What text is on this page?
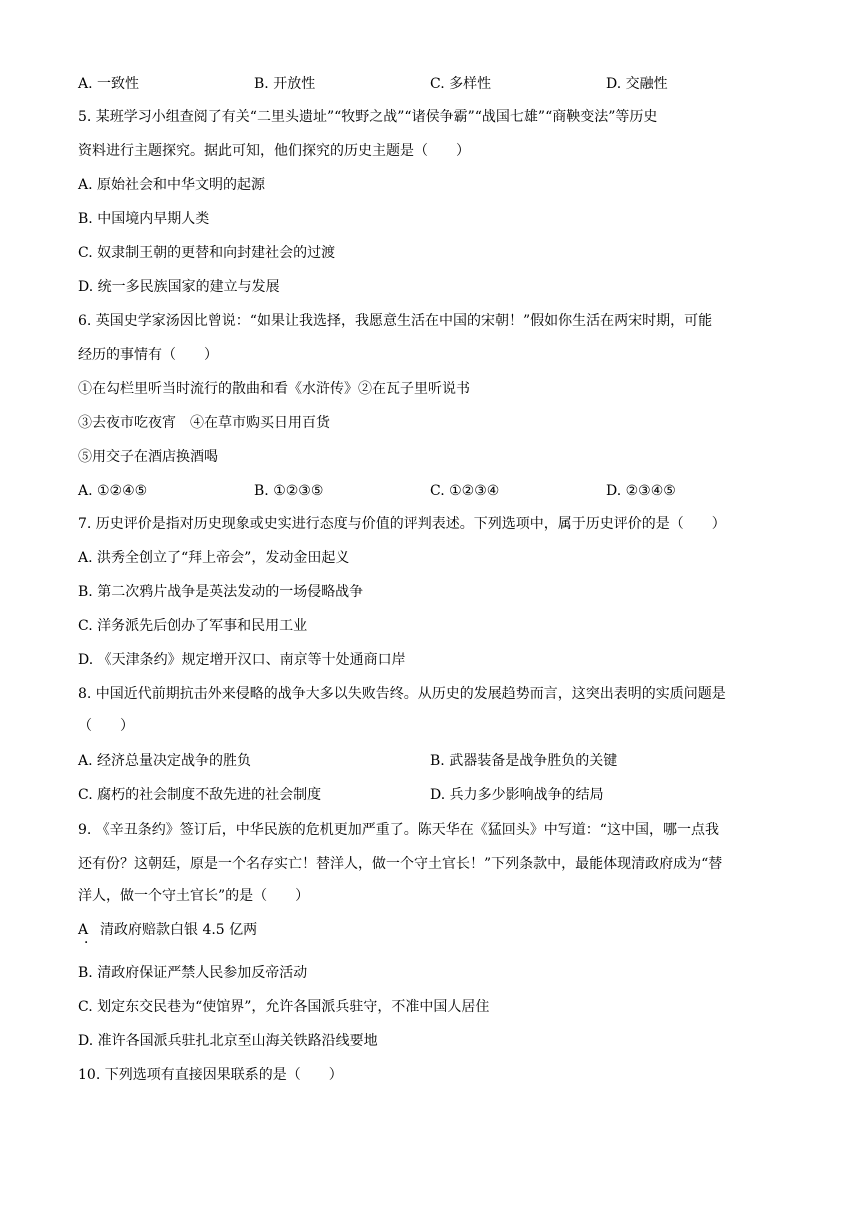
A. 一致性	B. 开放性	C. 多样性	D. 交融性
5. 某班学习小组查阅了有关“二里头遗址”“牧野之战”“诸侯争霸”“战国七雄”“商鞅变法”等历史
资料进行主题探究。据此可知，他们探究的历史主题是（　　）
A. 原始社会和中华文明的起源
B. 中国境内早期人类
C. 奴隶制王朝的更替和向封建社会的过渡
D. 统一多民族国家的建立与发展
6. 英国史学家汤因比曾说：“如果让我选择，我愿意生活在中国的宋朝！”假如你生活在两宋时期，可能
经历的事情有（　　）
①在勾栏里听当时流行的散曲和看《水浒传》②在瓦子里听说书
③去夜市吃夜宵　④在草市购买日用百货
⑤用交子在酒店换酒喝
A. ①②④⑤	B. ①②③⑤	C. ①②③④	D. ②③④⑤
7. 历史评价是指对历史现象或史实进行态度与价值的评判表述。下列选项中，属于历史评价的是（　　）
A. 洪秀全创立了“拜上帝会”，发动金田起义
B. 第二次鸦片战争是英法发动的一场侵略战争
C. 洋务派先后创办了军事和民用工业
D. 《天津条约》规定增开汉口、南京等十处通商口岸
8. 中国近代前期抗击外来侵略的战争大多以失败告终。从历史的发展趋势而言，这突出表明的实质问题是
（　　）
A. 经济总量决定战争的胜负	B. 武器装备是战争胜负的关键
C. 腐朽的社会制度不敌先进的社会制度	D. 兵力多少影响战争的结局
9. 《辛丑条约》签订后，中华民族的危机更加严重了。陈天华在《猛回头》中写道：“这中国，哪一点我
还有份？这朝廷，原是一个名存实亡！替洋人，做一个守土官长！”下列条款中，最能体现清政府成为“替
洋人，做一个守土官长”的是（　　）
A
．
清政府赔款白银 4.5 亿两
B. 清政府保证严禁人民参加反帝活动
C. 划定东交民巷为“使馆界”，允许各国派兵驻守，不准中国人居住
D. 准许各国派兵驻扎北京至山海关铁路沿线要地
10. 下列选项有直接因果联系的是（　　）
